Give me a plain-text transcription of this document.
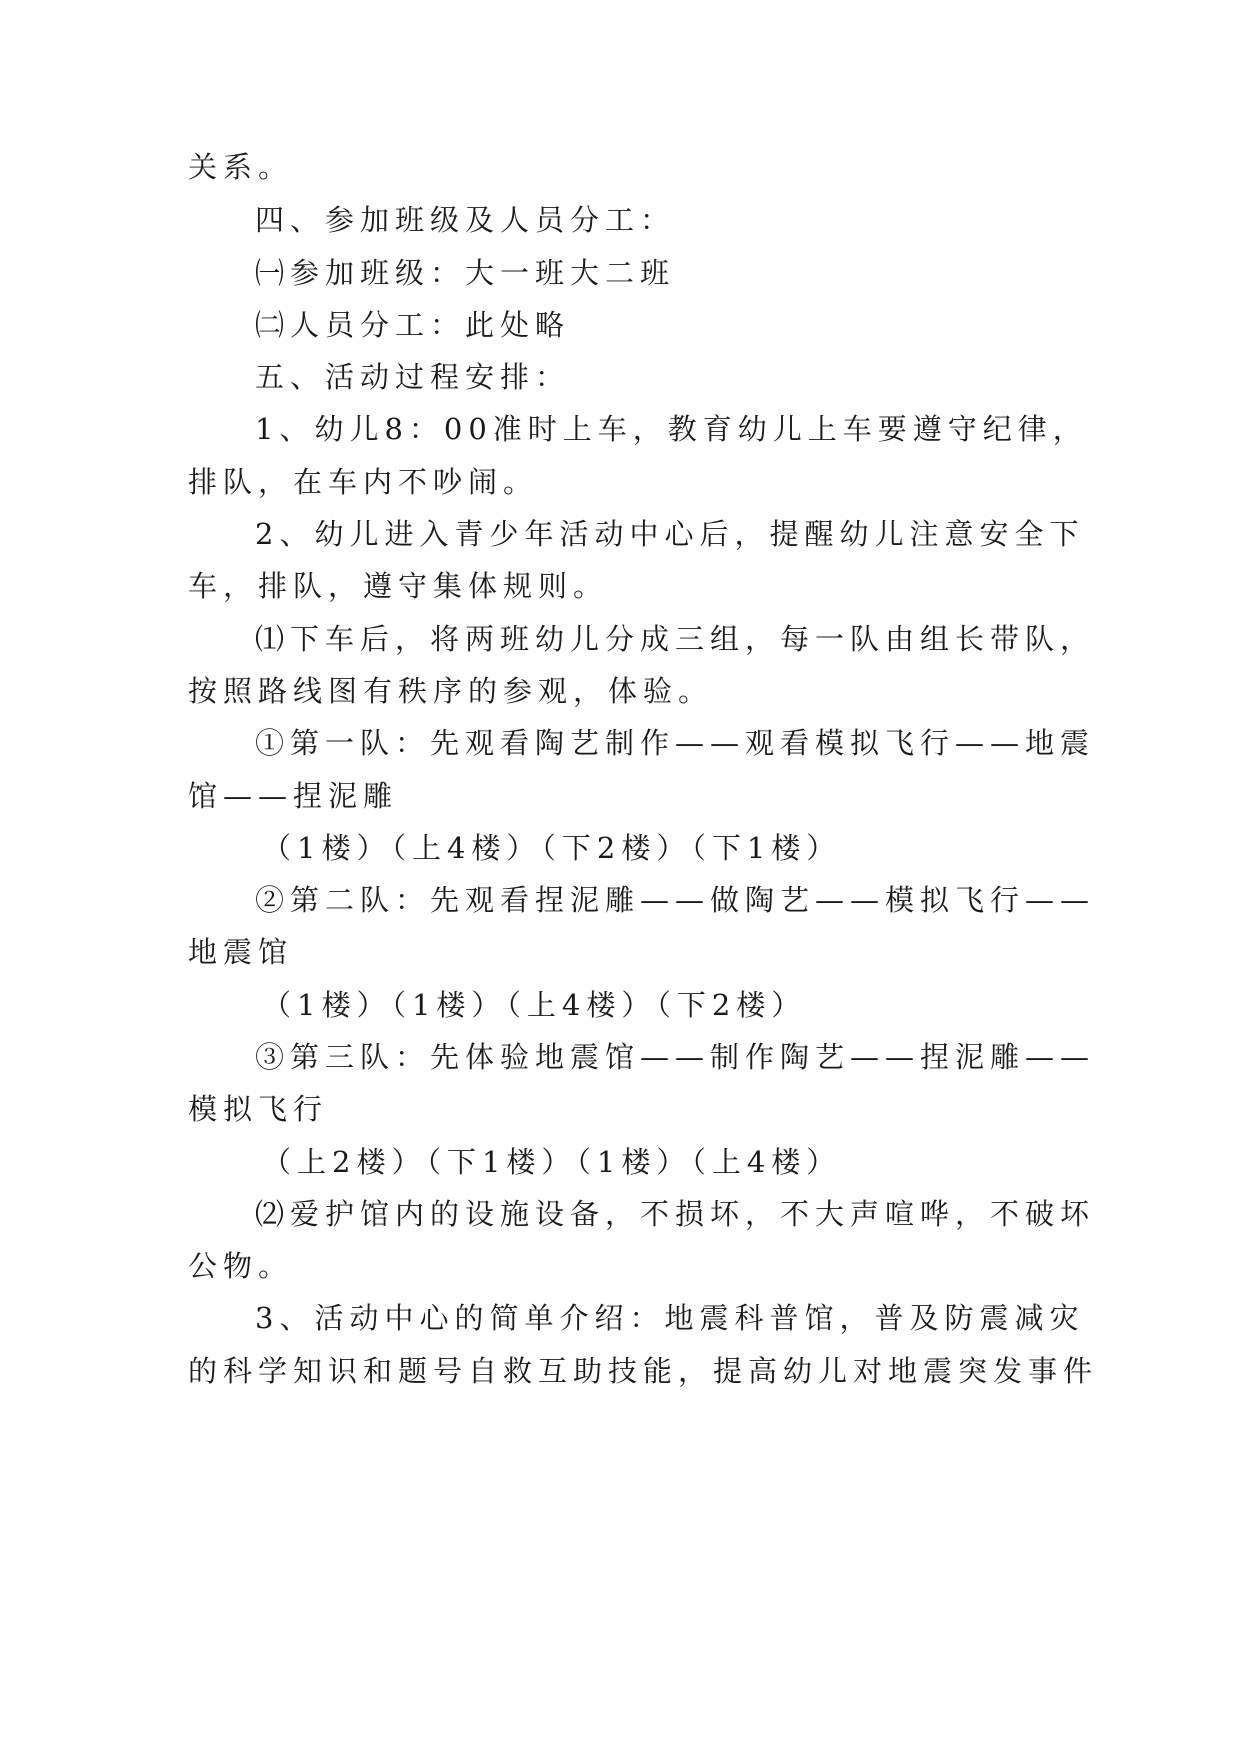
关系。
四、参加班级及人员分工：
㈠参加班级：大一班大二班
㈡人员分工：此处略
五、活动过程安排：
1、幼儿8：00准时上车，教育幼儿上车要遵守纪律，
排队，在车内不吵闹。
2、幼儿进入青少年活动中心后，提醒幼儿注意安全下
车，排队，遵守集体规则。
⑴下车后，将两班幼儿分成三组，每一队由组长带队，
按照路线图有秩序的参观，体验。
①第一队：先观看陶艺制作——观看模拟飞行——地震
馆——捏泥雕
（1楼）（上4楼）（下2楼）（下1楼）
②第二队：先观看捏泥雕——做陶艺——模拟飞行——
地震馆
（1楼）（1楼）（上4楼）（下2楼）
③第三队：先体验地震馆——制作陶艺——捏泥雕——
模拟飞行
（上2楼）（下1楼）（1楼）（上4楼）
⑵爱护馆内的设施设备，不损坏，不大声喧哗，不破坏
公物。
3、活动中心的简单介绍：地震科普馆，普及防震减灾
的科学知识和题号自救互助技能，提高幼儿对地震突发事件
